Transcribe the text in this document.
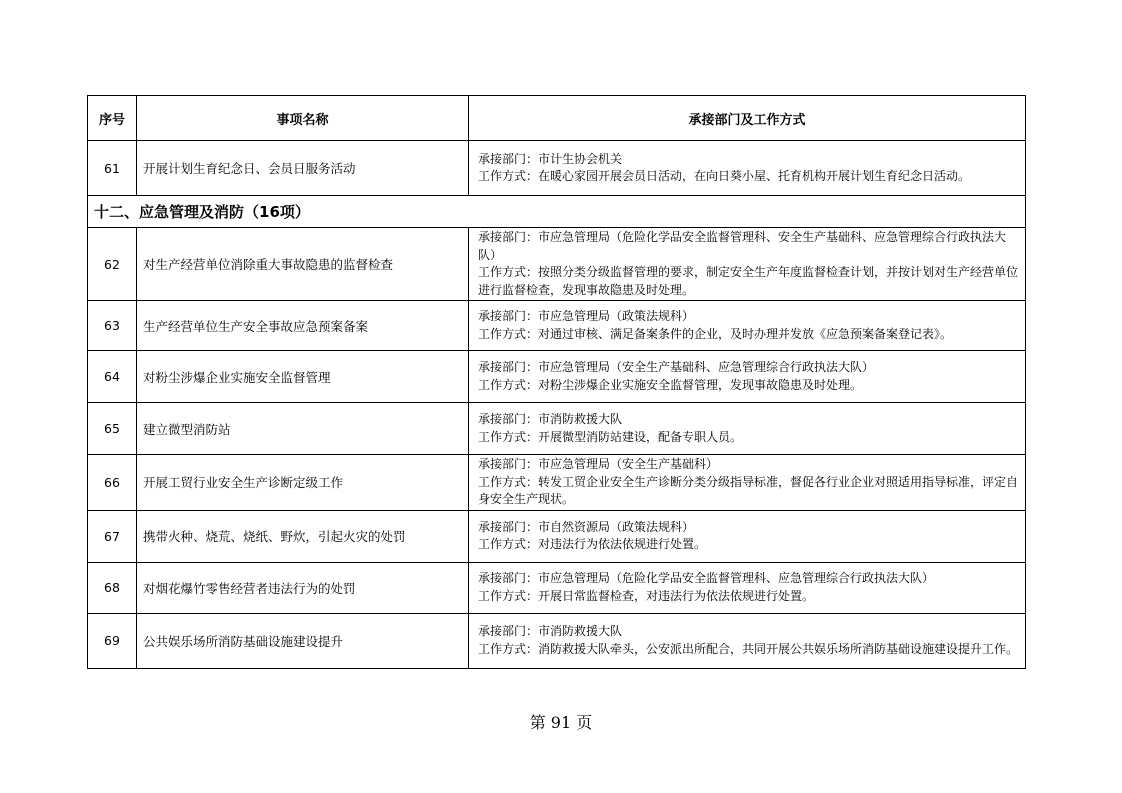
序号	事项名称	承接部门及工作方式
61	开展计划生育纪念日、会员日服务活动	承接部门：市计生协会机关
工作方式：在暖心家园开展会员日活动，在向日葵小屋、托育机构开展计划生育纪念日活动。

十二、应急管理及消防（16项）		
62	对生产经营单位消除重大事故隐患的监督检查	承接部门：市应急管理局（危险化学品安全监督管理科、安全生产基础科、应急管理综合行政执法大队）
工作方式：按照分类分级监督管理的要求，制定安全生产年度监督检查计划，并按计划对生产经营单位进行监督检查，发现事故隐患及时处理。

63	生产经营单位生产安全事故应急预案备案	承接部门：市应急管理局（政策法规科）
工作方式：对通过审核、满足备案条件的企业，及时办理并发放《应急预案备案登记表》。

64	对粉尘涉爆企业实施安全监督管理	承接部门：市应急管理局（安全生产基础科、应急管理综合行政执法大队）
工作方式：对粉尘涉爆企业实施安全监督管理，发现事故隐患及时处理。

65	建立微型消防站	承接部门：市消防救援大队
工作方式：开展微型消防站建设，配备专职人员。

66	开展工贸行业安全生产诊断定级工作	承接部门：市应急管理局（安全生产基础科）
工作方式：转发工贸企业安全生产诊断分类分级指导标准，督促各行业企业对照适用指导标准，评定自身安全生产现状。

67	携带火种、烧荒、烧纸、野炊，引起火灾的处罚	承接部门：市自然资源局（政策法规科）
工作方式：对违法行为依法依规进行处置。

68	对烟花爆竹零售经营者违法行为的处罚	承接部门：市应急管理局（危险化学品安全监督管理科、应急管理综合行政执法大队）
工作方式：开展日常监督检查，对违法行为依法依规进行处置。

69	公共娱乐场所消防基础设施建设提升	承接部门：市消防救援大队
工作方式：消防救援大队牵头，公安派出所配合，共同开展公共娱乐场所消防基础设施建设提升工作。
第 91 页
